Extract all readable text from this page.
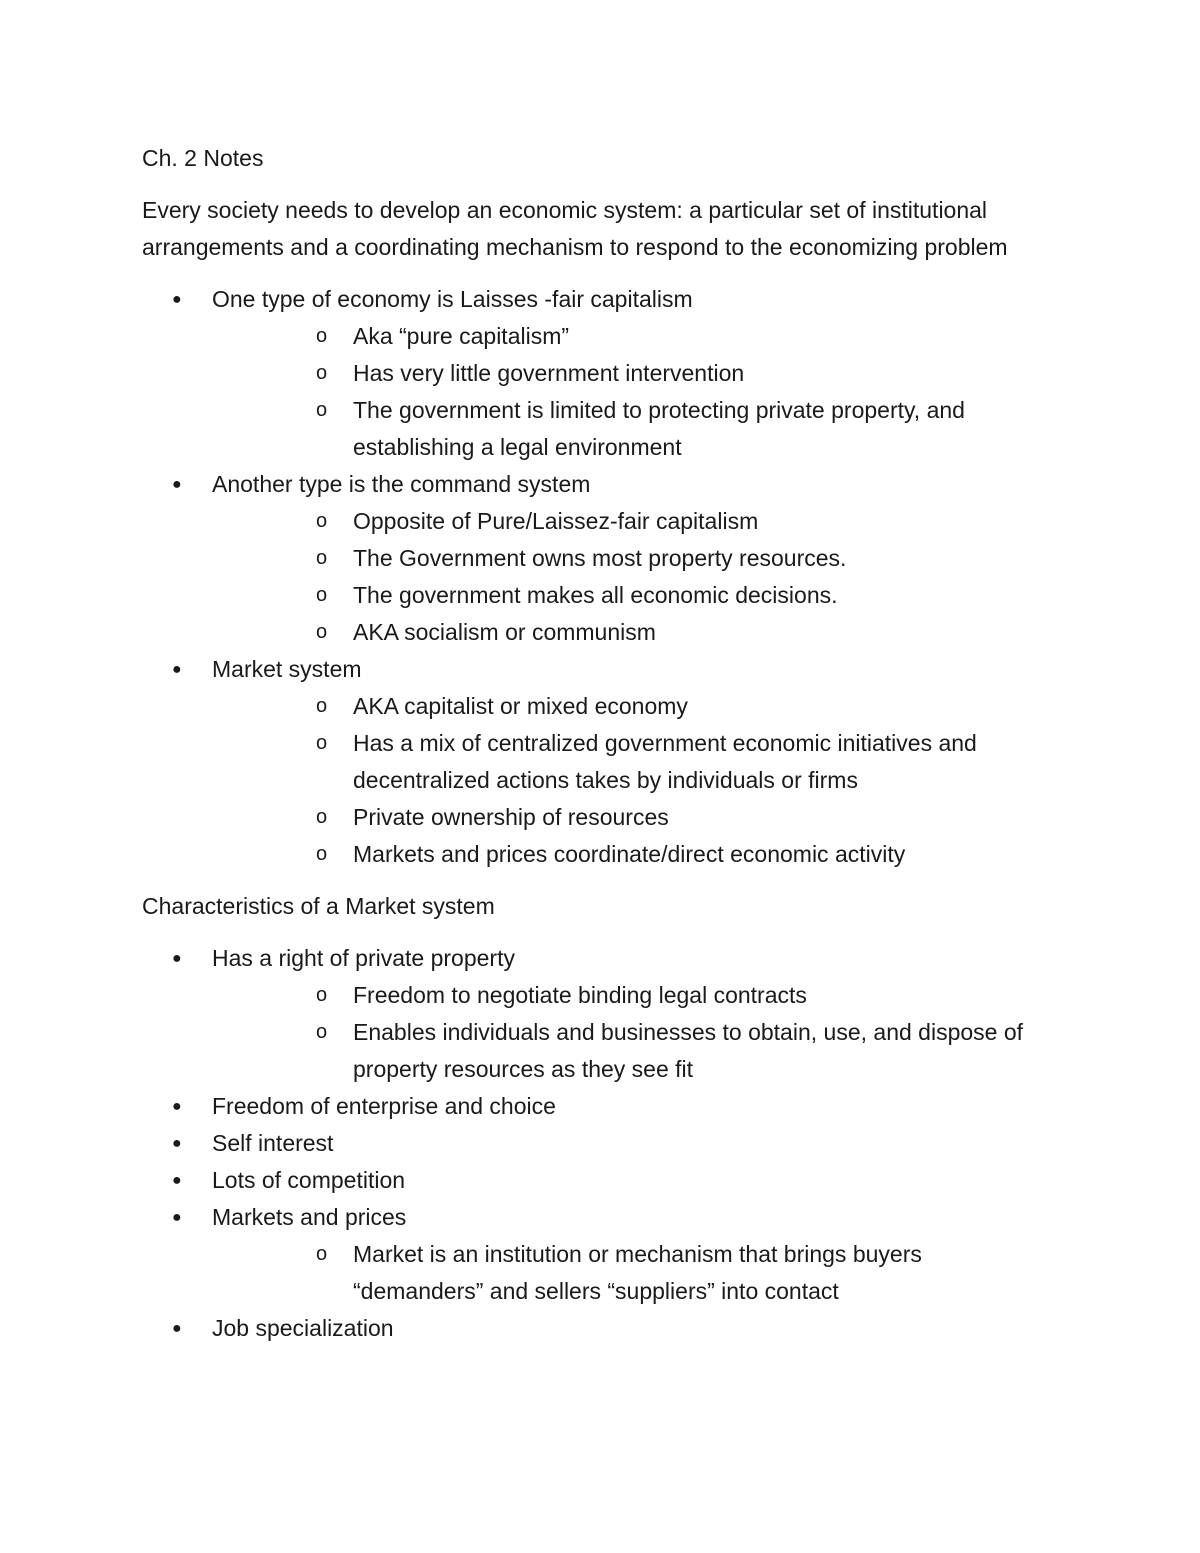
Ch. 2 Notes

Every society needs to develop an economic system: a particular set of institutional arrangements and a coordinating mechanism to respond to the economizing problem

● One type of economy is Laisses -fair capitalism
o Aka “pure capitalism”
o Has very little government intervention
o The government is limited to protecting private property, and establishing a legal environment
● Another type is the command system
o Opposite of Pure/Laissez-fair capitalism
o The Government owns most property resources.
o The government makes all economic decisions.
o AKA socialism or communism
● Market system
o AKA capitalist or mixed economy
o Has a mix of centralized government economic initiatives and decentralized actions takes by individuals or firms
o Private ownership of resources
o Markets and prices coordinate/direct economic activity

Characteristics of a Market system

● Has a right of private property
o Freedom to negotiate binding legal contracts
o Enables individuals and businesses to obtain, use, and dispose of property resources as they see fit
● Freedom of enterprise and choice
● Self interest
● Lots of competition
● Markets and prices
o Market is an institution or mechanism that brings buyers “demanders” and sellers “suppliers” into contact
● Job specialization
